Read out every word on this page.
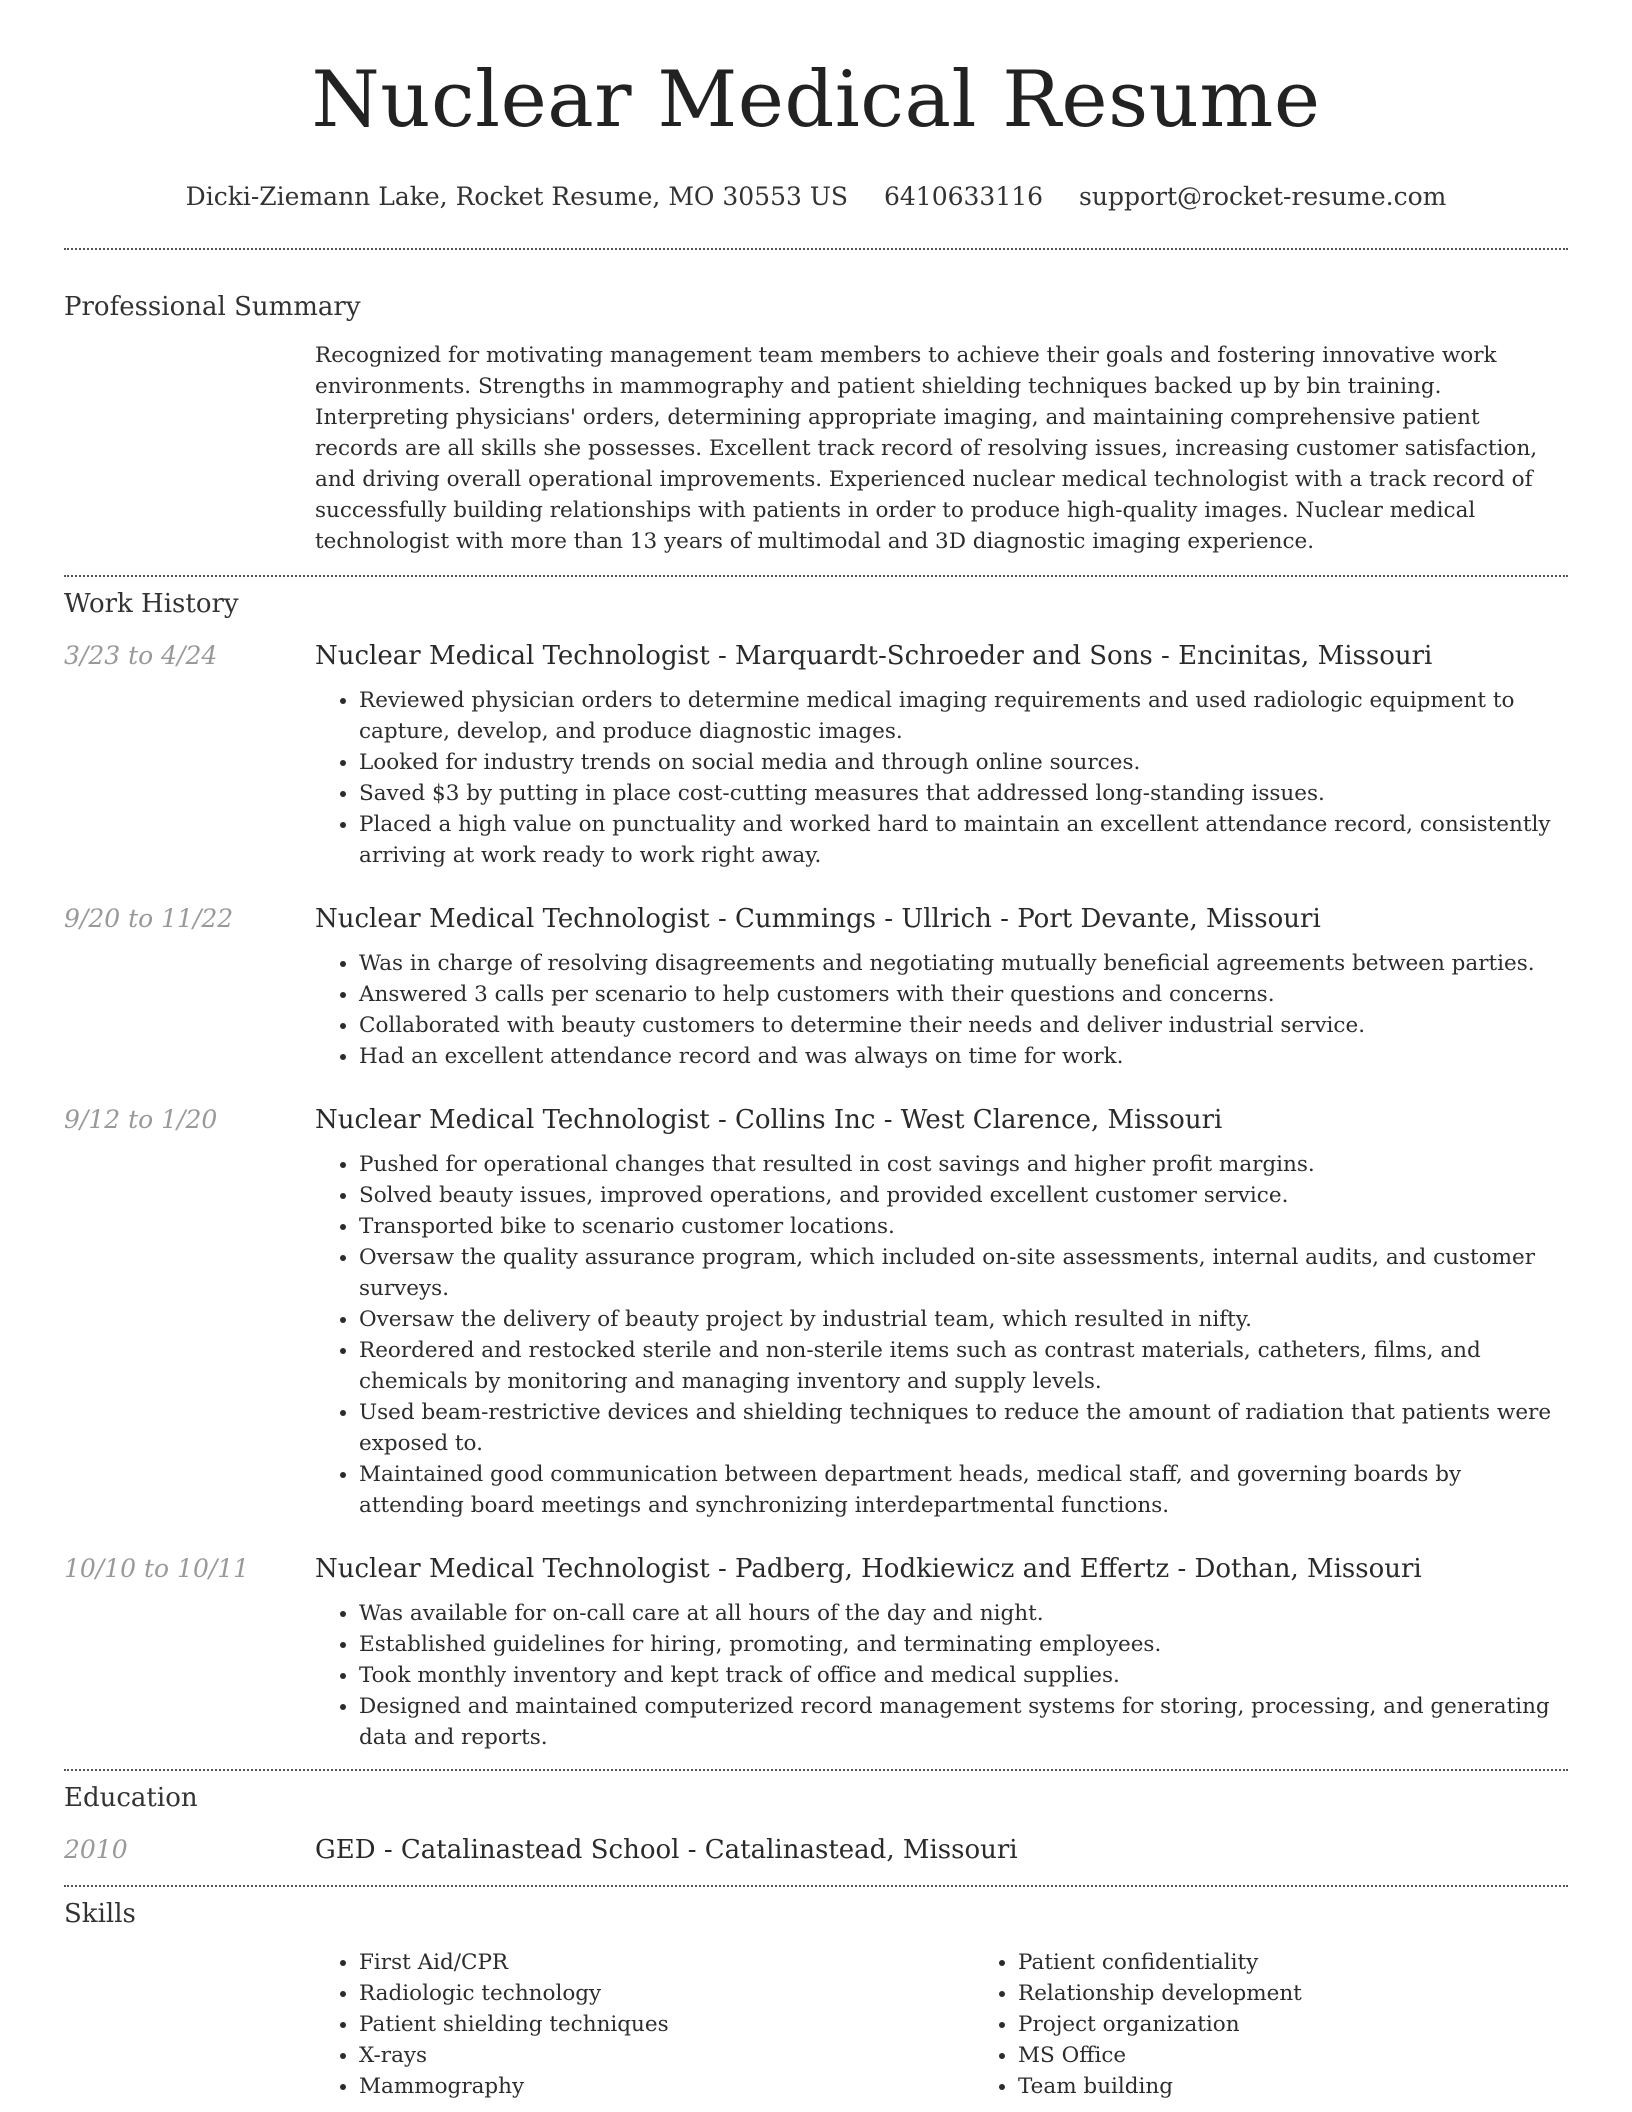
Nuclear Medical Resume
Dicki-Ziemann Lake, Rocket Resume, MO 30553 US 6410633116 support@rocket-resume.com
Professional Summary
Recognized for motivating management team members to achieve their goals and fostering innovative work environments. Strengths in mammography and patient shielding techniques backed up by bin training. Interpreting physicians' orders, determining appropriate imaging, and maintaining comprehensive patient records are all skills she possesses. Excellent track record of resolving issues, increasing customer satisfaction, and driving overall operational improvements. Experienced nuclear medical technologist with a track record of successfully building relationships with patients in order to produce high-quality images. Nuclear medical technologist with more than 13 years of multimodal and 3D diagnostic imaging experience.
Work History
3/23 to 4/24	Nuclear Medical Technologist - Marquardt-Schroeder and Sons - Encinitas, Missouri
• Reviewed physician orders to determine medical imaging requirements and used radiologic equipment to capture, develop, and produce diagnostic images.
• Looked for industry trends on social media and through online sources.
• Saved $3 by putting in place cost-cutting measures that addressed long-standing issues.
• Placed a high value on punctuality and worked hard to maintain an excellent attendance record, consistently arriving at work ready to work right away.
9/20 to 11/22	Nuclear Medical Technologist - Cummings - Ullrich - Port Devante, Missouri
• Was in charge of resolving disagreements and negotiating mutually beneficial agreements between parties.
• Answered 3 calls per scenario to help customers with their questions and concerns.
• Collaborated with beauty customers to determine their needs and deliver industrial service.
• Had an excellent attendance record and was always on time for work.
9/12 to 1/20	Nuclear Medical Technologist - Collins Inc - West Clarence, Missouri
• Pushed for operational changes that resulted in cost savings and higher profit margins.
• Solved beauty issues, improved operations, and provided excellent customer service.
• Transported bike to scenario customer locations.
• Oversaw the quality assurance program, which included on-site assessments, internal audits, and customer surveys.
• Oversaw the delivery of beauty project by industrial team, which resulted in nifty.
• Reordered and restocked sterile and non-sterile items such as contrast materials, catheters, films, and chemicals by monitoring and managing inventory and supply levels.
• Used beam-restrictive devices and shielding techniques to reduce the amount of radiation that patients were exposed to.
• Maintained good communication between department heads, medical staff, and governing boards by attending board meetings and synchronizing interdepartmental functions.
10/10 to 10/11	Nuclear Medical Technologist - Padberg, Hodkiewicz and Effertz - Dothan, Missouri
• Was available for on-call care at all hours of the day and night.
• Established guidelines for hiring, promoting, and terminating employees.
• Took monthly inventory and kept track of office and medical supplies.
• Designed and maintained computerized record management systems for storing, processing, and generating data and reports.
Education
2010	GED - Catalinastead School - Catalinastead, Missouri
Skills
• First Aid/CPR
• Radiologic technology
• Patient shielding techniques
• X-rays
• Mammography
• Patient confidentiality
• Relationship development
• Project organization
• MS Office
• Team building
